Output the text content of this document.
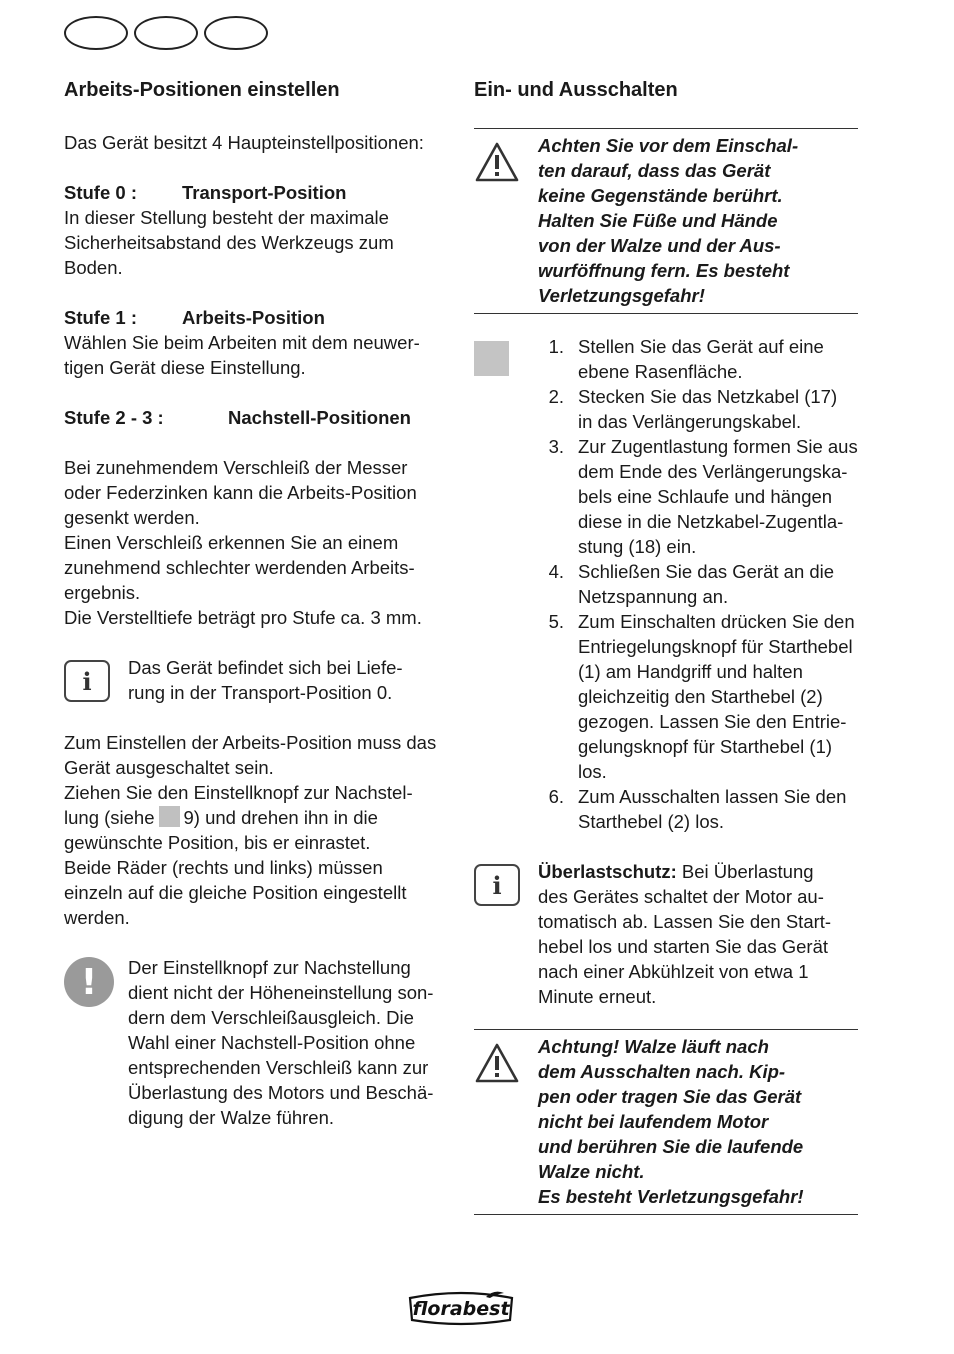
Arbeits-Positionen einstellen

Das Gerät besitzt 4 Haupteinstellpositionen:

Stufe 0 : Transport-Position

In dieser Stellung besteht der maximale

Sicherheitsabstand des Werkzeugs zum

Boden.

Stufe 1 : Arbeits-Position

Wählen Sie beim Arbeiten mit dem neuwer-

tigen Gerät diese Einstellung.

Stufe 2 - 3 :	Nachstell-Positionen

Bei zunehmendem Verschleiß der Messer

oder Federzinken kann die Arbeits-Position

gesenkt werden.

Einen Verschleiß erkennen Sie an einem

zunehmend schlechter werdenden Arbeits-

ergebnis.

Die Verstelltiefe beträgt pro Stufe ca. 3 mm.

i	Das Gerät befindet sich bei Liefe-

rung in der Transport-Position 0.

Zum Einstellen der Arbeits-Position muss das

Gerät ausgeschaltet sein.

Ziehen Sie den Einstellknopf zur Nachstel-

lung (siehe 9) und drehen ihn in die

gewünschte Position, bis er einrastet.

Beide Räder (rechts und links) müssen

einzeln auf die gleiche Position eingestellt

werden.

!	Der Einstellknopf zur Nachstellung

dient nicht der Höheneinstellung son-

dern dem Verschleißausgleich. Die

Wahl einer Nachstell-Position ohne

entsprechenden Verschleiß kann zur

Überlastung des Motors und Beschä-

digung der Walze führen.

Ein- und Ausschalten
Achten Sie vor dem Einschal-
ten darauf, dass das Gerät
keine Gegenstände berührt.
Halten Sie Füße und Hände
von der Walze und der Aus-
wurföffnung fern. Es besteht
Verletzungsgefahr!
1. Stellen Sie das Gerät auf eine
ebene Rasenfläche.
2. Stecken Sie das Netzkabel (17)
in das Verlängerungskabel.
3. Zur Zugentlastung formen Sie aus
dem Ende des Verlängerungska-
bels eine Schlaufe und hängen
diese in die Netzkabel-Zugentla-
stung (18) ein.
4. Schließen Sie das Gerät an die
Netzspannung an.
5. Zum Einschalten drücken Sie den
Entriegelungsknopf für Starthebel
(1) am Handgriff und halten
gleichzeitig den Starthebel (2)
gezogen. Lassen Sie den Entrie-
gelungsknopf für Starthebel (1)
los.
6. Zum Ausschalten lassen Sie den
Starthebel (2) los.
i	Überlastschutz: Bei Überlastung

des Gerätes schaltet der Motor au-

tomatisch ab. Lassen Sie den Start-

hebel los und starten Sie das Gerät

nach einer Abkühlzeit von etwa 1

Minute erneut.

Achtung! Walze läuft nach
dem Ausschalten nach. Kip-
pen oder tragen Sie das Gerät
nicht bei laufendem Motor
und berühren Sie die laufende
Walze nicht.
Es besteht Verletzungsgefahr!
florabest
